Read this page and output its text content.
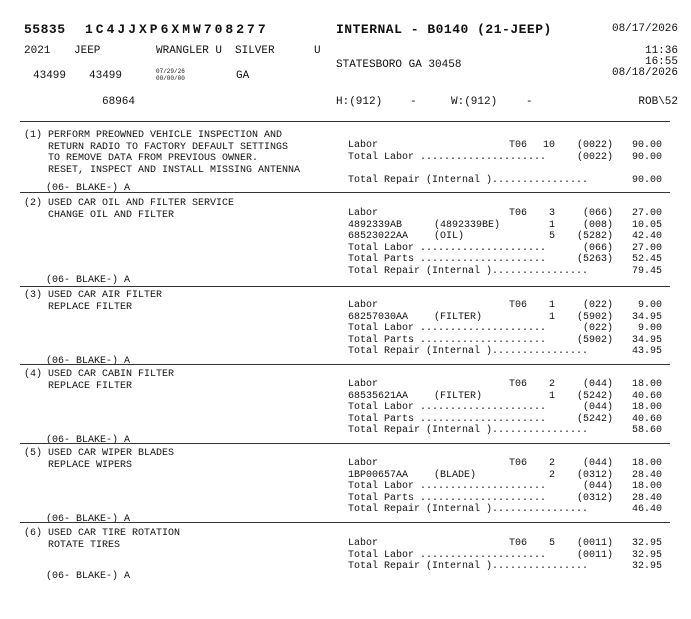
55835 1C4JJXP6XMW708277	INTERNAL - B0140 (21-JEEP)	08/17/2026
2021 JEEP	WRANGLER U SILVER	U	11:36
16:55
STATESBORO GA 30458
43499 43499	07/29/26
00/00/00	GA	08/18/2026
68964	H:(912)	-	W:(912)	-	ROB\52
(1) PERFORM PREOWNED VEHICLE INSPECTION AND
RETURN RADIO TO FACTORY DEFAULT SETTINGS
TO REMOVE DATA FROM PREVIOUS OWNER.
RESET, INSPECT AND INSTALL MISSING ANTENNA
(06- BLAKE-) A
Labor	T06	10	(0022)	90.00
Total Labor .....................	(0022)	90.00
Total Repair (Internal )................	90.00
(2) USED CAR OIL AND FILTER SERVICE
CHANGE OIL AND FILTER
(06- BLAKE-) A
Labor	T06	3	(066)	27.00
4892339AB	(4892339BE)	1	(008)	10.05
68523022AA	(OIL)	5	(5282)	42.40
Total Labor .....................	(066)	27.00
Total Parts .....................	(5263)	52.45
Total Repair (Internal )................	79.45
(3) USED CAR AIR FILTER
REPLACE FILTER
(06- BLAKE-) A
Labor	T06	1	(022)	9.00
68257030AA	(FILTER)	1	(5902)	34.95
Total Labor .....................	(022)	9.00
Total Parts .....................	(5902)	34.95
Total Repair (Internal )................	43.95
(4) USED CAR CABIN FILTER
REPLACE FILTER
(06- BLAKE-) A
Labor	T06	2	(044)	18.00
68535621AA	(FILTER)	1	(5242)	40.60
Total Labor .....................	(044)	18.00
Total Parts .....................	(5242)	40.60
Total Repair (Internal )................	58.60
(5) USED CAR WIPER BLADES
REPLACE WIPERS
(06- BLAKE-) A
Labor	T06	2	(044)	18.00
1BP00657AA	(BLADE)	2	(0312)	28.40
Total Labor .....................	(044)	18.00
Total Parts .....................	(0312)	28.40
Total Repair (Internal )................	46.40
(6) USED CAR TIRE ROTATION
ROTATE TIRES
(06- BLAKE-) A
Labor	T06	5	(0011)	32.95
Total Labor .....................	(0011)	32.95
Total Repair (Internal )................	32.95
